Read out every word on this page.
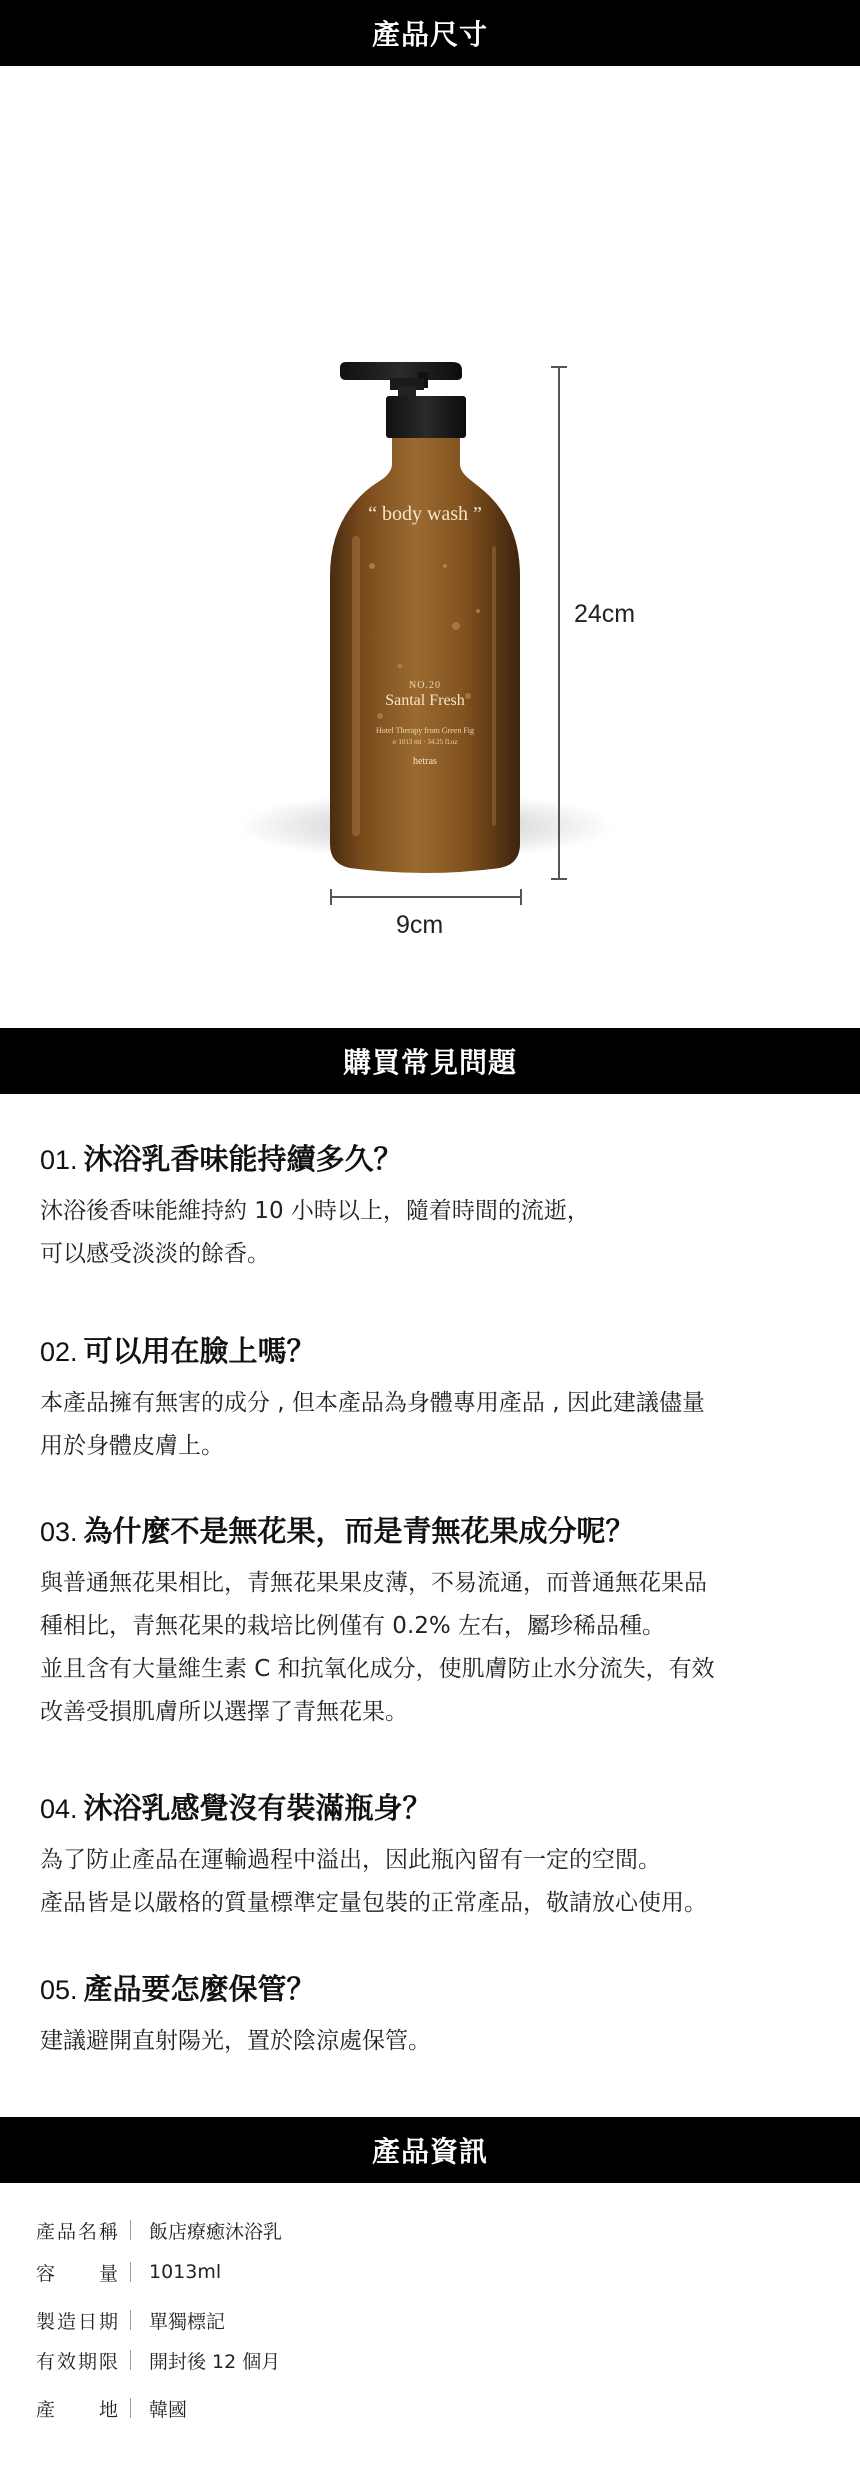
產品尺寸
“ body wash ”
NO.20
Santal Fresh
Hotel Therapy from Green Fig
℮ 1013 ml · 34.25 fl.oz
hetras
24cm
9cm
購買常見問題
01. 沐浴乳香味能持續多久？
沐浴後香味能維持約 10 小時以上，隨着時間的流逝，
可以感受淡淡的餘香。
02. 可以用在臉上嗎？
本產品擁有無害的成分 , 但本產品為身體專用產品 , 因此建議儘量
用於身體皮膚上。
03. 為什麼不是無花果，而是青無花果成分呢？
與普通無花果相比，青無花果果皮薄，不易流通，而普通無花果品
種相比，青無花果的栽培比例僅有 0.2% 左右，屬珍稀品種。
並且含有大量維生素 C 和抗氧化成分，使肌膚防止水分流失，有效
改善受損肌膚所以選擇了青無花果。
04. 沐浴乳感覺沒有裝滿瓶身？
為了防止產品在運輸過程中溢出，因此瓶內留有一定的空間。
產品皆是以嚴格的質量標準定量包裝的正常產品，敬請放心使用。
05. 產品要怎麼保管？
建議避開直射陽光，置於陰涼處保管。
產品資訊
產品名稱 飯店療癒沐浴乳
容　量 1013ml
製造日期 單獨標記
有效期限 開封後 12 個月
產　地 韓國
